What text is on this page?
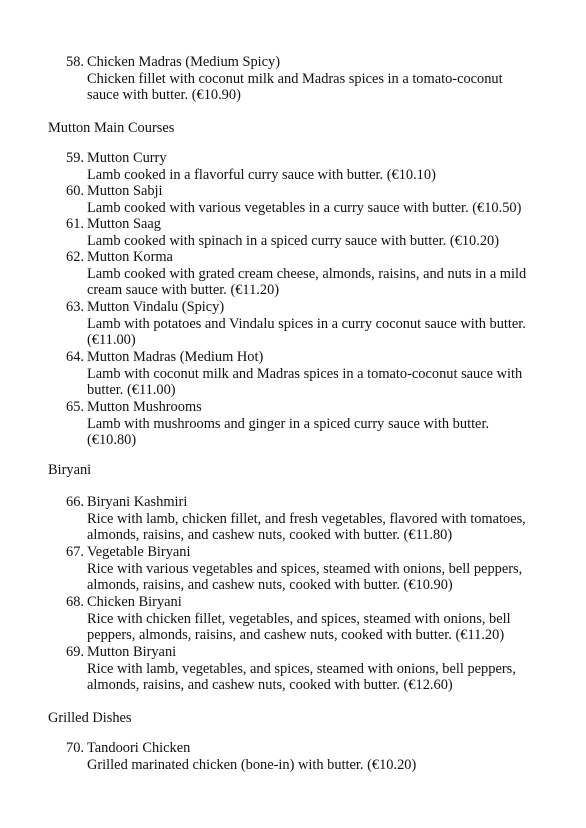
58. Chicken Madras (Medium Spicy)
Chicken fillet with coconut milk and Madras spices in a tomato-coconut sauce with butter. (€10.90)
Mutton Main Courses
59. Mutton Curry
Lamb cooked in a flavorful curry sauce with butter. (€10.10)
60. Mutton Sabji
Lamb cooked with various vegetables in a curry sauce with butter. (€10.50)
61. Mutton Saag
Lamb cooked with spinach in a spiced curry sauce with butter. (€10.20)
62. Mutton Korma
Lamb cooked with grated cream cheese, almonds, raisins, and nuts in a mild cream sauce with butter. (€11.20)
63. Mutton Vindalu (Spicy)
Lamb with potatoes and Vindalu spices in a curry coconut sauce with butter. (€11.00)
64. Mutton Madras (Medium Hot)
Lamb with coconut milk and Madras spices in a tomato-coconut sauce with butter. (€11.00)
65. Mutton Mushrooms
Lamb with mushrooms and ginger in a spiced curry sauce with butter. (€10.80)
Biryani
66. Biryani Kashmiri
Rice with lamb, chicken fillet, and fresh vegetables, flavored with tomatoes, almonds, raisins, and cashew nuts, cooked with butter. (€11.80)
67. Vegetable Biryani
Rice with various vegetables and spices, steamed with onions, bell peppers, almonds, raisins, and cashew nuts, cooked with butter. (€10.90)
68. Chicken Biryani
Rice with chicken fillet, vegetables, and spices, steamed with onions, bell peppers, almonds, raisins, and cashew nuts, cooked with butter. (€11.20)
69. Mutton Biryani
Rice with lamb, vegetables, and spices, steamed with onions, bell peppers, almonds, raisins, and cashew nuts, cooked with butter. (€12.60)
Grilled Dishes
70. Tandoori Chicken
Grilled marinated chicken (bone-in) with butter. (€10.20)
